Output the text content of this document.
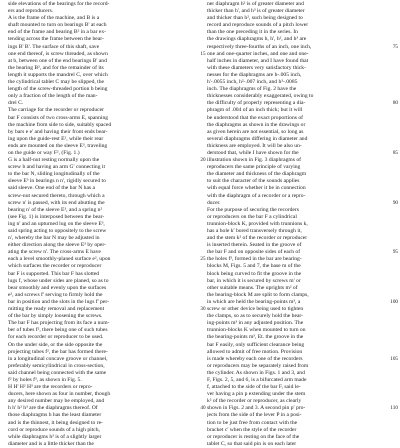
side elevations of the bearings for the record-
ers and reproducers.
A is the frame of the machine, and B is a
shaft mounted to turn on bearings B' at each
end of the frame and bearing B² in a bar ex-
tending across the frame between the bear-
ings B' B'. The surface of this shaft, save
one end thereof, is screw threaded, as shown
at b, between one of the end bearings B' and
the bearing B², and for the remainder of its
length it supports the mandrel C, over which
the cylindrical tablet C may be slipped, the
length of the screw-threaded portion b being
only a fraction of the length of the man-
drel C.
The carriage for the recorder or reproducer
bar F consists of two cross-arms E, spanning
the machine from side to side, suitably spaced
by bars e e' and having their front ends bear-
ing upon the guide-rest E², while their rear
ends are mounted on the sleeve E³, traveling
on the guide or way F², (Fig. 1.)
G is a half-nut resting normally upon the
screw b and having an arm G' connecting it
to the bar N, sliding longitudinally of the
sleeve E³ in bearings n n', rigidly secured to
said sleeve. One end of the bar N has a
screw-nut secured thereto, through which a
screw n' is passed, with its end abutting the
bearing n' of the sleeve E³, and a spring n²
(see Fig. 1) is interposed between the bear-
ing n' and an upturned lug on the sleeve E³,
said spring acting to oppositely to the screw
n', whereby the bar N may be adjusted in
either direction along the sleeve E³ by oper-
ating the screw n'. The cross-arms E have
each a level smoothly-planed surface e², upon
which surfaces the recorder or reproducer
bar F is supported. This bar F has slotted
lugs f, whose under sides are planed, so as to
bear smoothly and evenly upon the surfaces
e², and screws f' serving to firmly hold the
bar in position and the slots in the lugs f' per-
mitting the ready removal and replacement
of the bar by simply loosening the screws.
The bar F has projecting from its face a num-
ber of tubes f², there being one of such tubes
for each recorder or reproducer to be used.
On the under side, or the side opposite the
projecting tubes f², the bar has formed there-
in a longitudinal concave groove or channel,
preferably semicylindrical in cross-section,
said channel being connected with the same
f² by holes f³, as shown in Fig. 5.
H H' H² H³ are the recorders or repro-
ducers, here shown as four in number, though
any desired number may be employed, and
h h' h² h³ are the diaphragms thereof. Of
those diaphragms h has the least diameter
and is the thinnest, it being designed to re-
cord or reproduce sounds of a high pitch,
while diaphragms h³ is of a slightly larger
diameter and is a little thicker than the
15
20
25
30
40
ner diaphragm h² is of greater diameter and
thicker than h', and h³ is of greater diameter
and thicker than h², such being designed to
record and reproduce sounds of a pitch lower
than the one preceding it in the series. In
the drawings diaphragms h, h', h², and h³ are
respectively three-fourths of an inch, one inch,
one and one-quarter inches, and one and one-
half inches in diameter, and I have found that
with these diameters very satisfactory thick-
nesses for the diaphragms are h-.005 inch,
h'-.0055 inch, h²-.007 inch, and h³-.0085
inch. The diaphragms of Fig. 2 have the
thicknesses considerably exaggerated, owing to
the difficulty of properly representing a dia-
phragm of .004 of an inch thick; but it will
be understood that the exact proportions of
the diaphragms as shown in the drawings or
as given herein are not essential, so long as
several diaphragms differing in diameter and
thickness are employed. It will be also un-
derstood that, while I have shown for the
illustration shown in Fig. 3 diaphragms of
reproducers the same principle of varying
the diameter and thickness of the diaphragm
to suit the character of the sounds applies
with equal force whether it be in connection
with the diaphragm of a recorder or a repro-
ducer.
For the purpose of securing the recorders
or reproducers on the bar F a cylindrical
trunnion-block K, provided with trunnions k,
has a hole k' bored transversely through it,
and the stem k² of the recorder or reproducer
is inserted therein. Seated in the groove of
the bar F and on opposite sides of each of
the holes f³, formed in the bar are bearing-
blocks M, Figs. 5 and 7, the base m of the
block being curved to fit the groove in the
bar, in which it is secured by screws m' or
other suitable means. The uprights m² of
the bearing-block M are split to form clamps,
in which are held the bearing-points m³, a
screw or other device being used to tighten
the clamps, so as to securely hold the bear-
ing-points m³ in any adjusted position. The
trunnion-blocks K when mounted to turn on
the bearing-points m³, Et. the groove in the
bar F easily, only sufficient clearance being
allowed to admit of free motion. Provision
is made whereby each one of the recorders
or reproducers may be separately raised from
the cylinder. As shown in Figs. 1 and 3, and
F, Figs. 2, 5, and 6, is a bifurcated arm made
f, attached to the side of the bar F, said le-
ver having a pin p extending under the stem
k² of the recorder or reproducer, as clearly
shown in Figs. 2 and 3. A second pin p' pro-
jects from the side of the lever P in a posi-
tion to be just free from contact with the
bracket c' when the style of the recorder
or reproducer is resting on the face of the
tablet C, so that said pin is on each later
75
80
85
90
95
100
105
110
